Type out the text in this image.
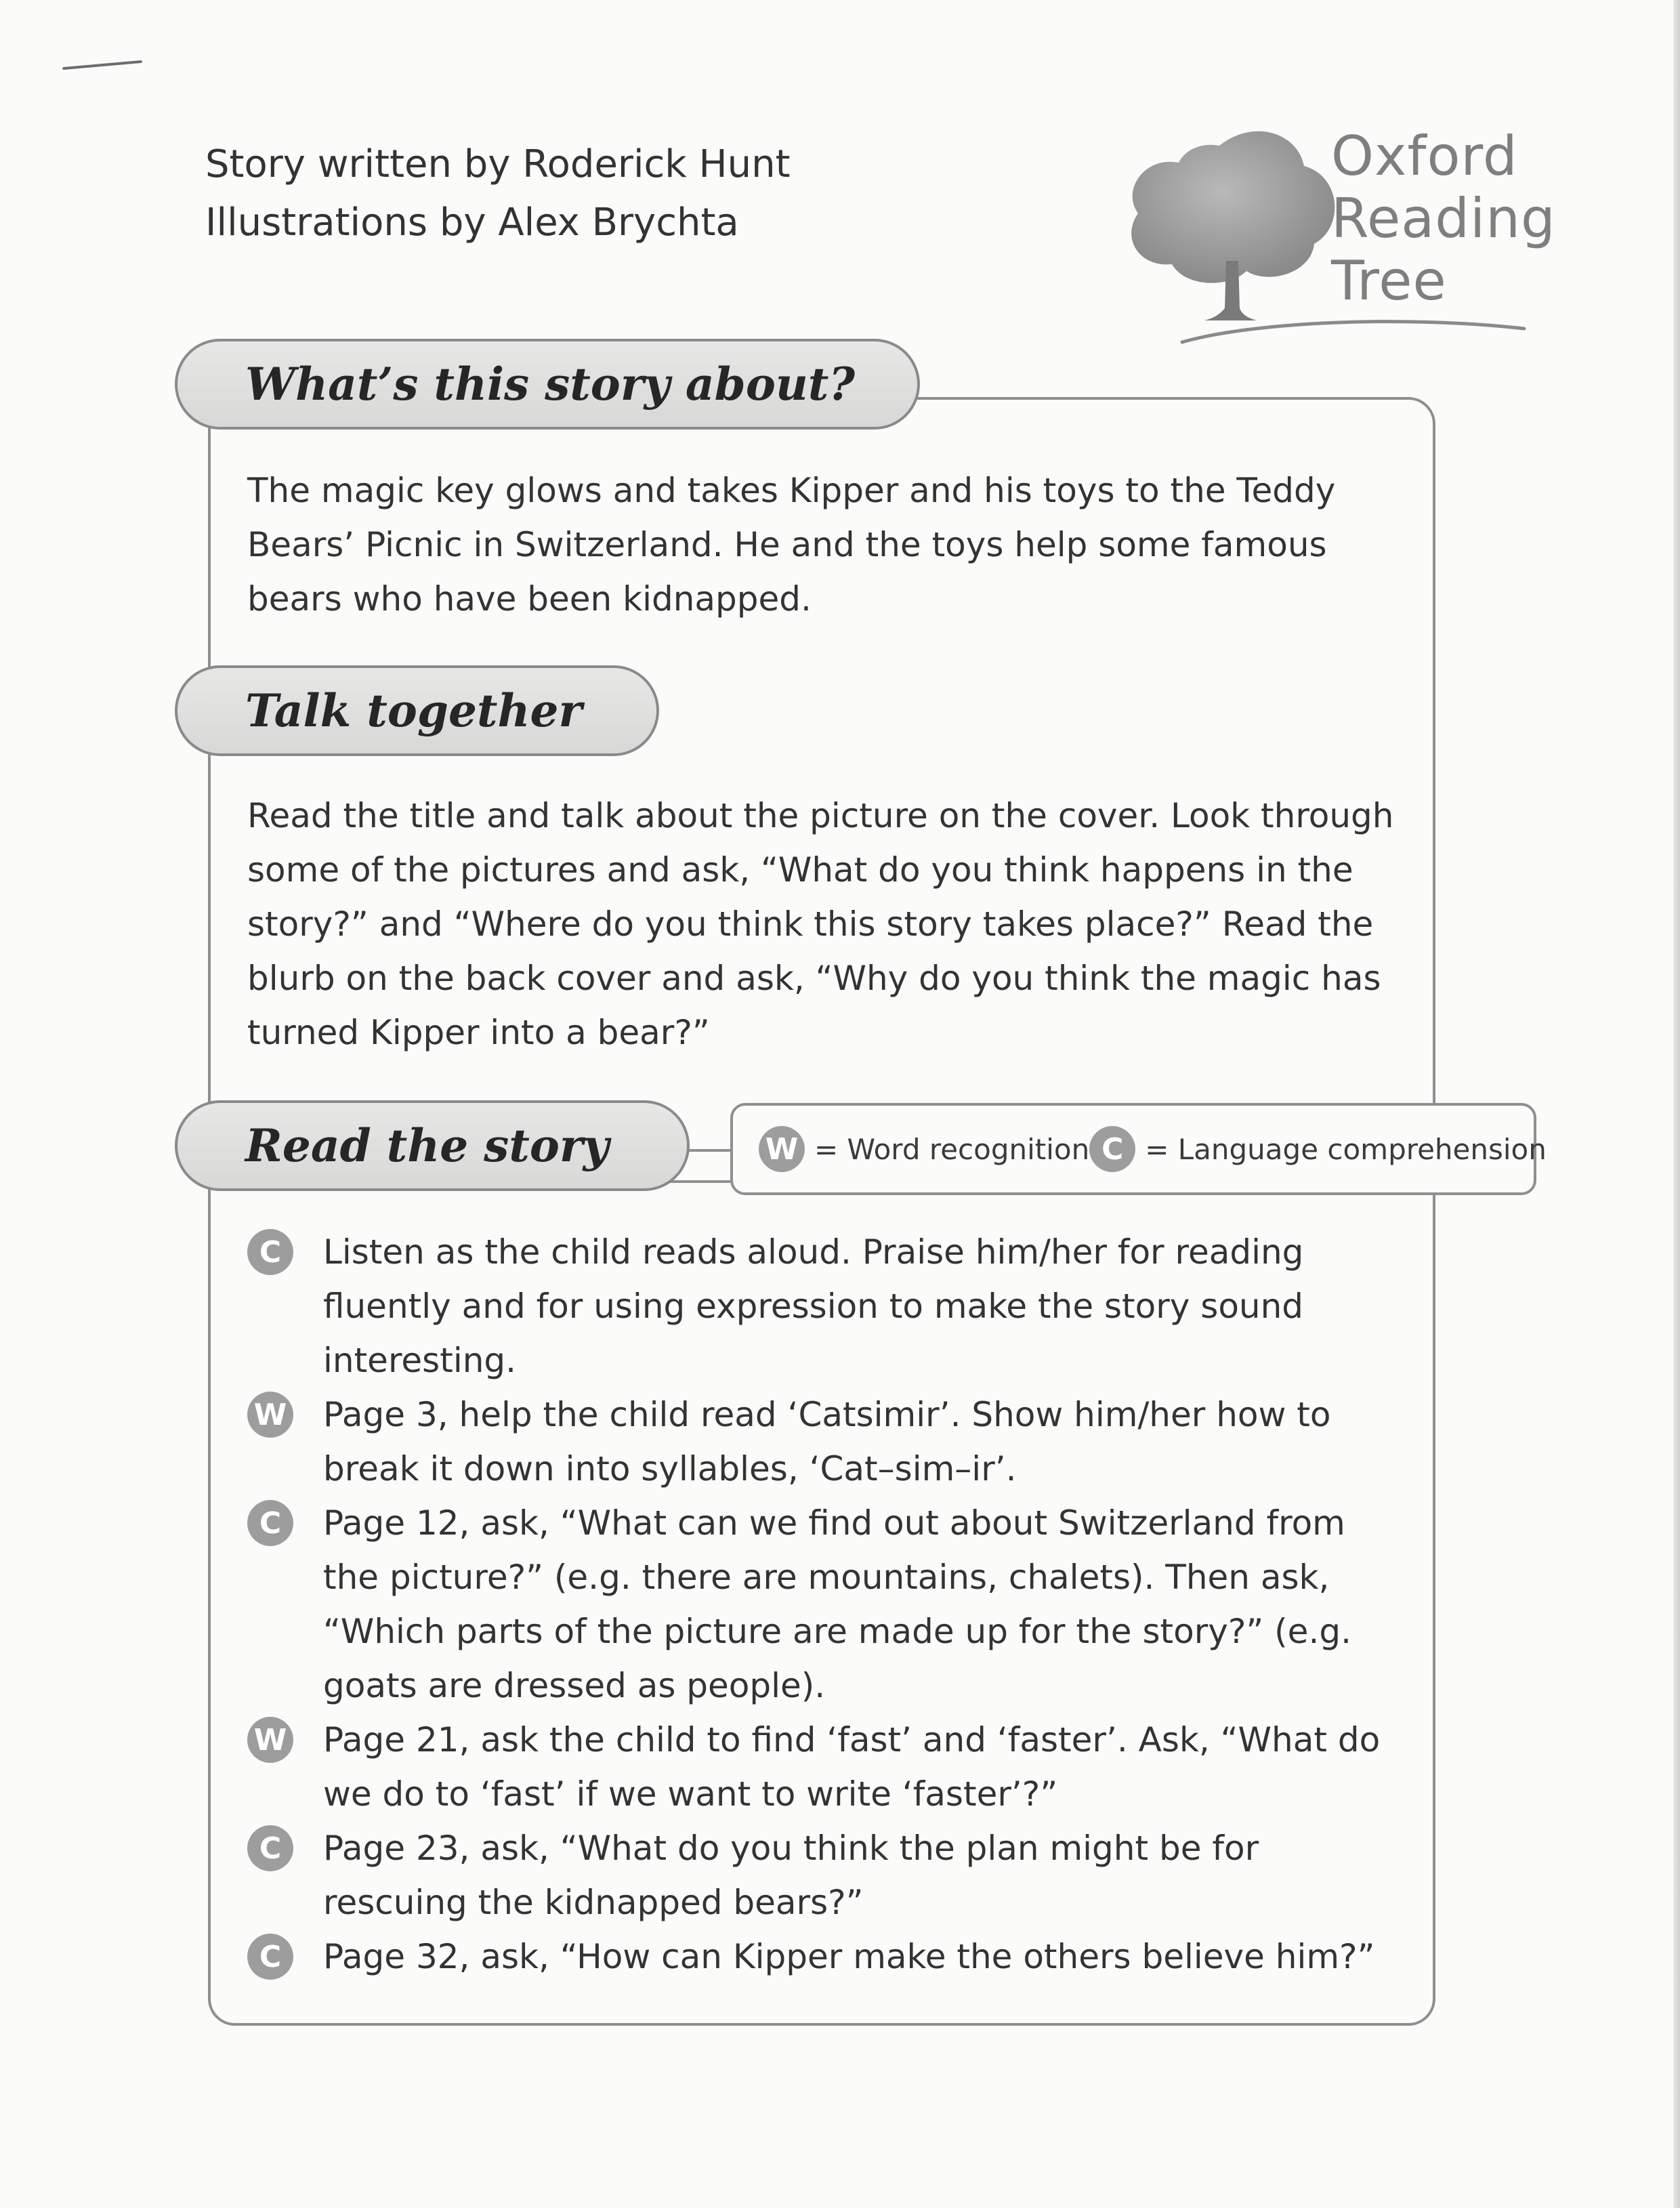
Story written by Roderick Hunt
Illustrations by Alex Brychta
Oxford
Reading
Tree
What’s this story about?
The magic key glows and takes Kipper and his toys to the Teddy
Bears’ Picnic in Switzerland. He and the toys help some famous
bears who have been kidnapped.
Talk together
Read the title and talk about the picture on the cover. Look through
some of the pictures and ask, “What do you think happens in the
story?” and “Where do you think this story takes place?” Read the
blurb on the back cover and ask, “Why do you think the magic has
turned Kipper into a bear?”
Read the story	W = Word recognition C = Language comprehension
C	Listen as the child reads aloud. Praise him/her for reading
fluently and for using expression to make the story sound
interesting.
W Page 3, help the child read ‘Catsimir’. Show him/her how to
break it down into syllables, ‘Cat–sim–ir’.
C	Page 12, ask, “What can we find out about Switzerland from
the picture?” (e.g. there are mountains, chalets). Then ask,
“Which parts of the picture are made up for the story?” (e.g.
goats are dressed as people).
W Page 21, ask the child to find ‘fast’ and ‘faster’. Ask, “What do
we do to ‘fast’ if we want to write ‘faster’?”
C	Page 23, ask, “What do you think the plan might be for
rescuing the kidnapped bears?”
C	Page 32, ask, “How can Kipper make the others believe him?”
